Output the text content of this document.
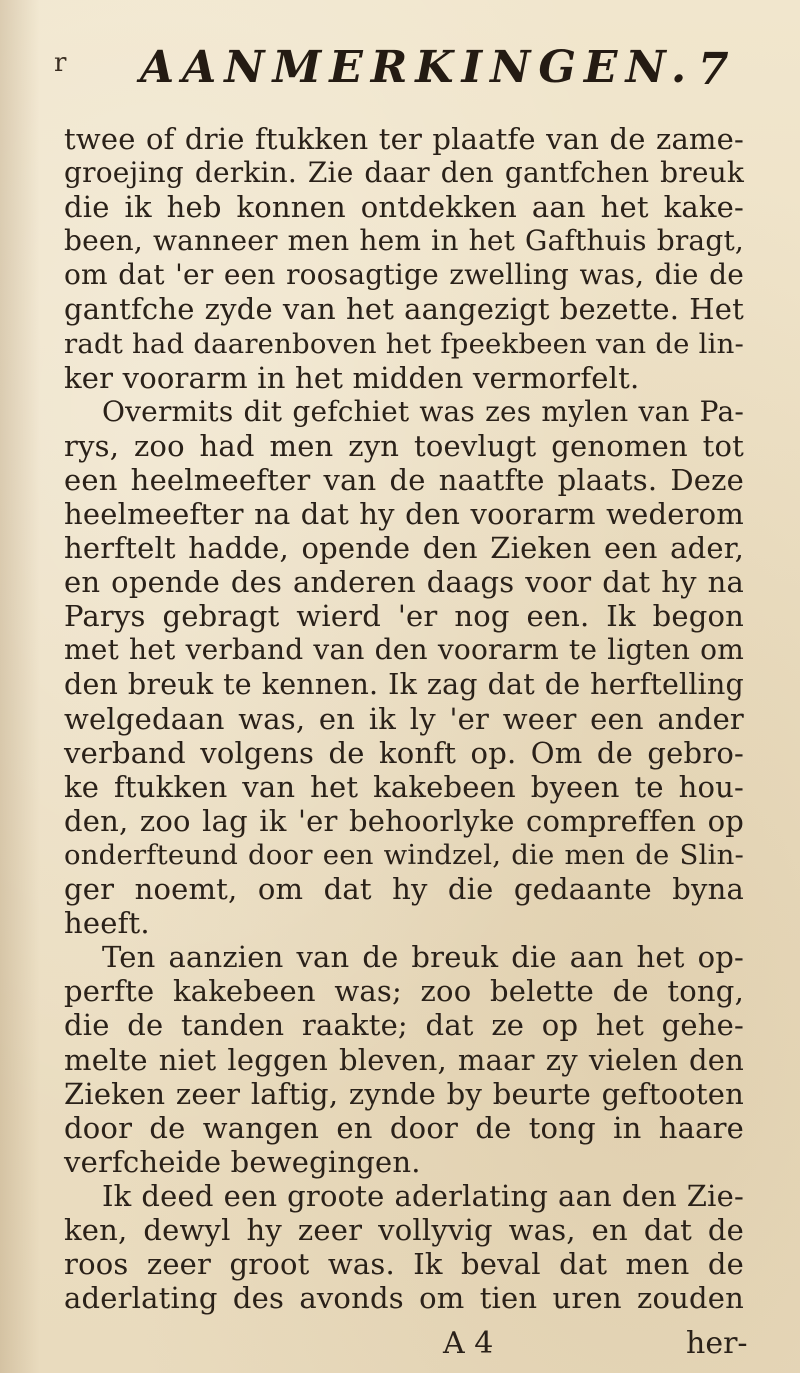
r AANMERKINGEN. 7
twee of drie ftukken ter plaatfe van de zame-
groejing derkin. Zie daar den gantfchen breuk
die ik heb konnen ontdekken aan het kake-
been, wanneer men hem in het Gafthuis bragt,
om dat 'er een roosagtige zwelling was, die de
gantfche zyde van het aangezigt bezette. Het
radt had daarenboven het fpeekbeen van de lin-
ker voorarm in het midden vermorfelt.
Overmits dit gefchiet was zes mylen van Pa-
rys, zoo had men zyn toevlugt genomen tot
een heelmeefter van de naatfte plaats. Deze
heelmeefter na dat hy den voorarm wederom
herftelt hadde, opende den Zieken een ader,
en opende des anderen daags voor dat hy na
Parys gebragt wierd 'er nog een. Ik begon
met het verband van den voorarm te ligten om
den breuk te kennen. Ik zag dat de herftelling
welgedaan was, en ik ly 'er weer een ander
verband volgens de konft op. Om de gebro-
ke ftukken van het kakebeen byeen te hou-
den, zoo lag ik 'er behoorlyke compreffen op
onderfteund door een windzel, die men de Slin-
ger noemt, om dat hy die gedaante byna
heeft.
Ten aanzien van de breuk die aan het op-
perfte kakebeen was; zoo belette de tong,
die de tanden raakte; dat ze op het gehe-
melte niet leggen bleven, maar zy vielen den
Zieken zeer laftig, zynde by beurte geftooten
door de wangen en door de tong in haare
verfcheide bewegingen.
Ik deed een groote aderlating aan den Zie-
ken, dewyl hy zeer vollyvig was, en dat de
roos zeer groot was. Ik beval dat men de
aderlating des avonds om tien uren zouden
A 4	her-
